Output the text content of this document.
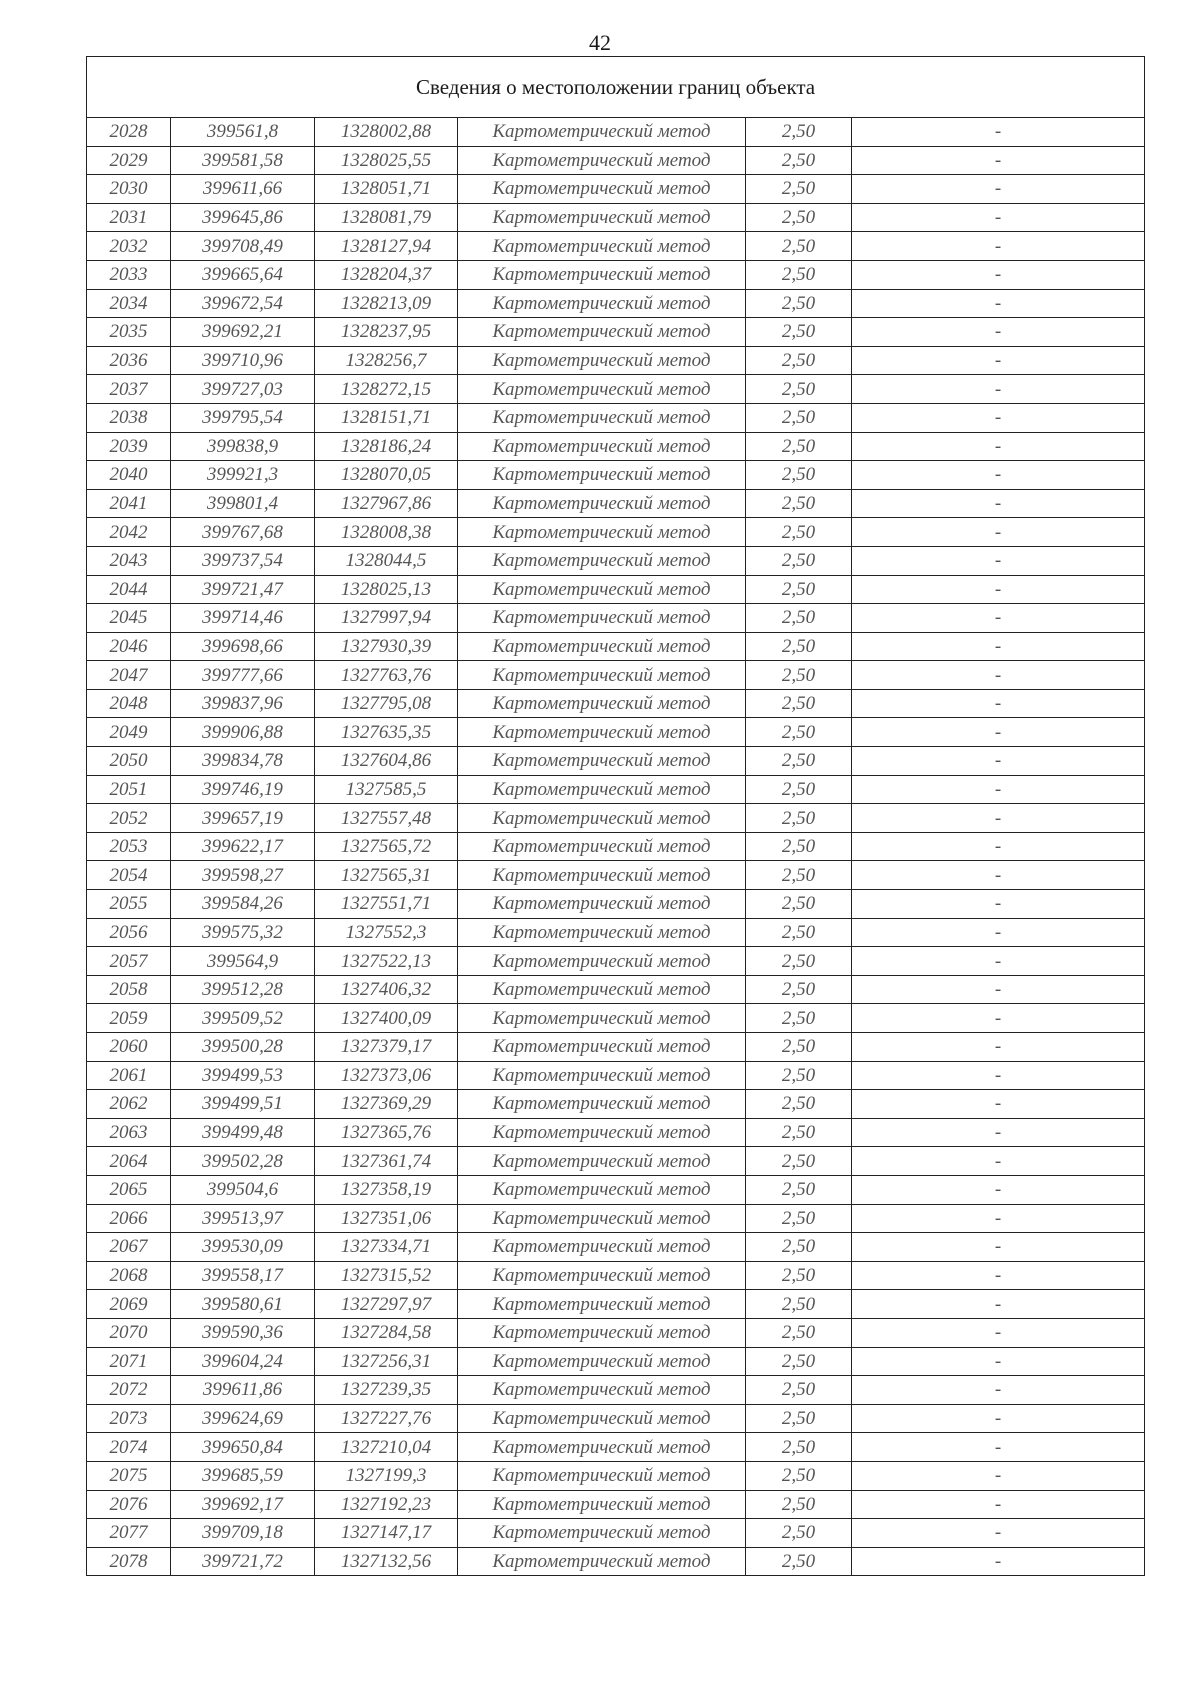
42
Сведения о местоположении границ объекта					
2028	399561,8	1328002,88	Картометрический метод	2,50	-
2029	399581,58	1328025,55	Картометрический метод	2,50	-
2030	399611,66	1328051,71	Картометрический метод	2,50	-
2031	399645,86	1328081,79	Картометрический метод	2,50	-
2032	399708,49	1328127,94	Картометрический метод	2,50	-
2033	399665,64	1328204,37	Картометрический метод	2,50	-
2034	399672,54	1328213,09	Картометрический метод	2,50	-
2035	399692,21	1328237,95	Картометрический метод	2,50	-
2036	399710,96	1328256,7	Картометрический метод	2,50	-
2037	399727,03	1328272,15	Картометрический метод	2,50	-
2038	399795,54	1328151,71	Картометрический метод	2,50	-
2039	399838,9	1328186,24	Картометрический метод	2,50	-
2040	399921,3	1328070,05	Картометрический метод	2,50	-
2041	399801,4	1327967,86	Картометрический метод	2,50	-
2042	399767,68	1328008,38	Картометрический метод	2,50	-
2043	399737,54	1328044,5	Картометрический метод	2,50	-
2044	399721,47	1328025,13	Картометрический метод	2,50	-
2045	399714,46	1327997,94	Картометрический метод	2,50	-
2046	399698,66	1327930,39	Картометрический метод	2,50	-
2047	399777,66	1327763,76	Картометрический метод	2,50	-
2048	399837,96	1327795,08	Картометрический метод	2,50	-
2049	399906,88	1327635,35	Картометрический метод	2,50	-
2050	399834,78	1327604,86	Картометрический метод	2,50	-
2051	399746,19	1327585,5	Картометрический метод	2,50	-
2052	399657,19	1327557,48	Картометрический метод	2,50	-
2053	399622,17	1327565,72	Картометрический метод	2,50	-
2054	399598,27	1327565,31	Картометрический метод	2,50	-
2055	399584,26	1327551,71	Картометрический метод	2,50	-
2056	399575,32	1327552,3	Картометрический метод	2,50	-
2057	399564,9	1327522,13	Картометрический метод	2,50	-
2058	399512,28	1327406,32	Картометрический метод	2,50	-
2059	399509,52	1327400,09	Картометрический метод	2,50	-
2060	399500,28	1327379,17	Картометрический метод	2,50	-
2061	399499,53	1327373,06	Картометрический метод	2,50	-
2062	399499,51	1327369,29	Картометрический метод	2,50	-
2063	399499,48	1327365,76	Картометрический метод	2,50	-
2064	399502,28	1327361,74	Картометрический метод	2,50	-
2065	399504,6	1327358,19	Картометрический метод	2,50	-
2066	399513,97	1327351,06	Картометрический метод	2,50	-
2067	399530,09	1327334,71	Картометрический метод	2,50	-
2068	399558,17	1327315,52	Картометрический метод	2,50	-
2069	399580,61	1327297,97	Картометрический метод	2,50	-
2070	399590,36	1327284,58	Картометрический метод	2,50	-
2071	399604,24	1327256,31	Картометрический метод	2,50	-
2072	399611,86	1327239,35	Картометрический метод	2,50	-
2073	399624,69	1327227,76	Картометрический метод	2,50	-
2074	399650,84	1327210,04	Картометрический метод	2,50	-
2075	399685,59	1327199,3	Картометрический метод	2,50	-
2076	399692,17	1327192,23	Картометрический метод	2,50	-
2077	399709,18	1327147,17	Картометрический метод	2,50	-
2078	399721,72	1327132,56	Картометрический метод	2,50	-
